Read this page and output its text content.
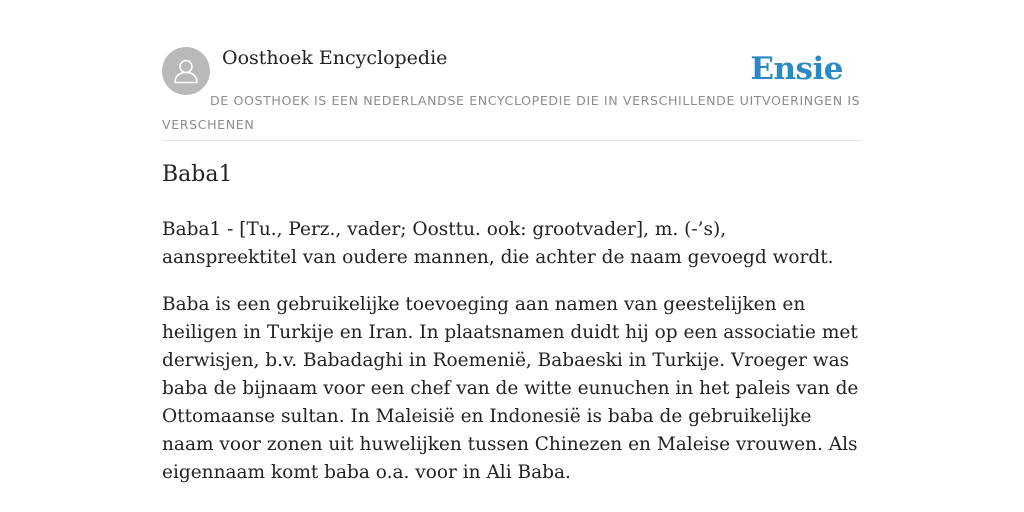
Oosthoek Encyclopedie	Ensie

DE OOSTHOEK IS EEN NEDERLANDSE ENCYCLOPEDIE DIE IN VERSCHILLENDE UITVOERINGEN IS VERSCHENEN

Baba1

Baba1 - [Tu., Perz., vader; Oosttu. ook: grootvader], m. (-’s), aanspreektitel van oudere mannen, die achter de naam gevoegd wordt.

Baba is een gebruikelijke toevoeging aan namen van geestelijken en heiligen in Turkije en Iran. In plaatsnamen duidt hij op een associatie met derwisjen, b.v. Babadaghi in Roemenië, Babaeski in Turkije. Vroeger was baba de bijnaam voor een chef van de witte eunuchen in het paleis van de Ottomaanse sultan. In Maleisië en Indonesië is baba de gebruikelijke naam voor zonen uit huwelijken tussen Chinezen en Maleise vrouwen. Als eigennaam komt baba o.a. voor in Ali Baba.
